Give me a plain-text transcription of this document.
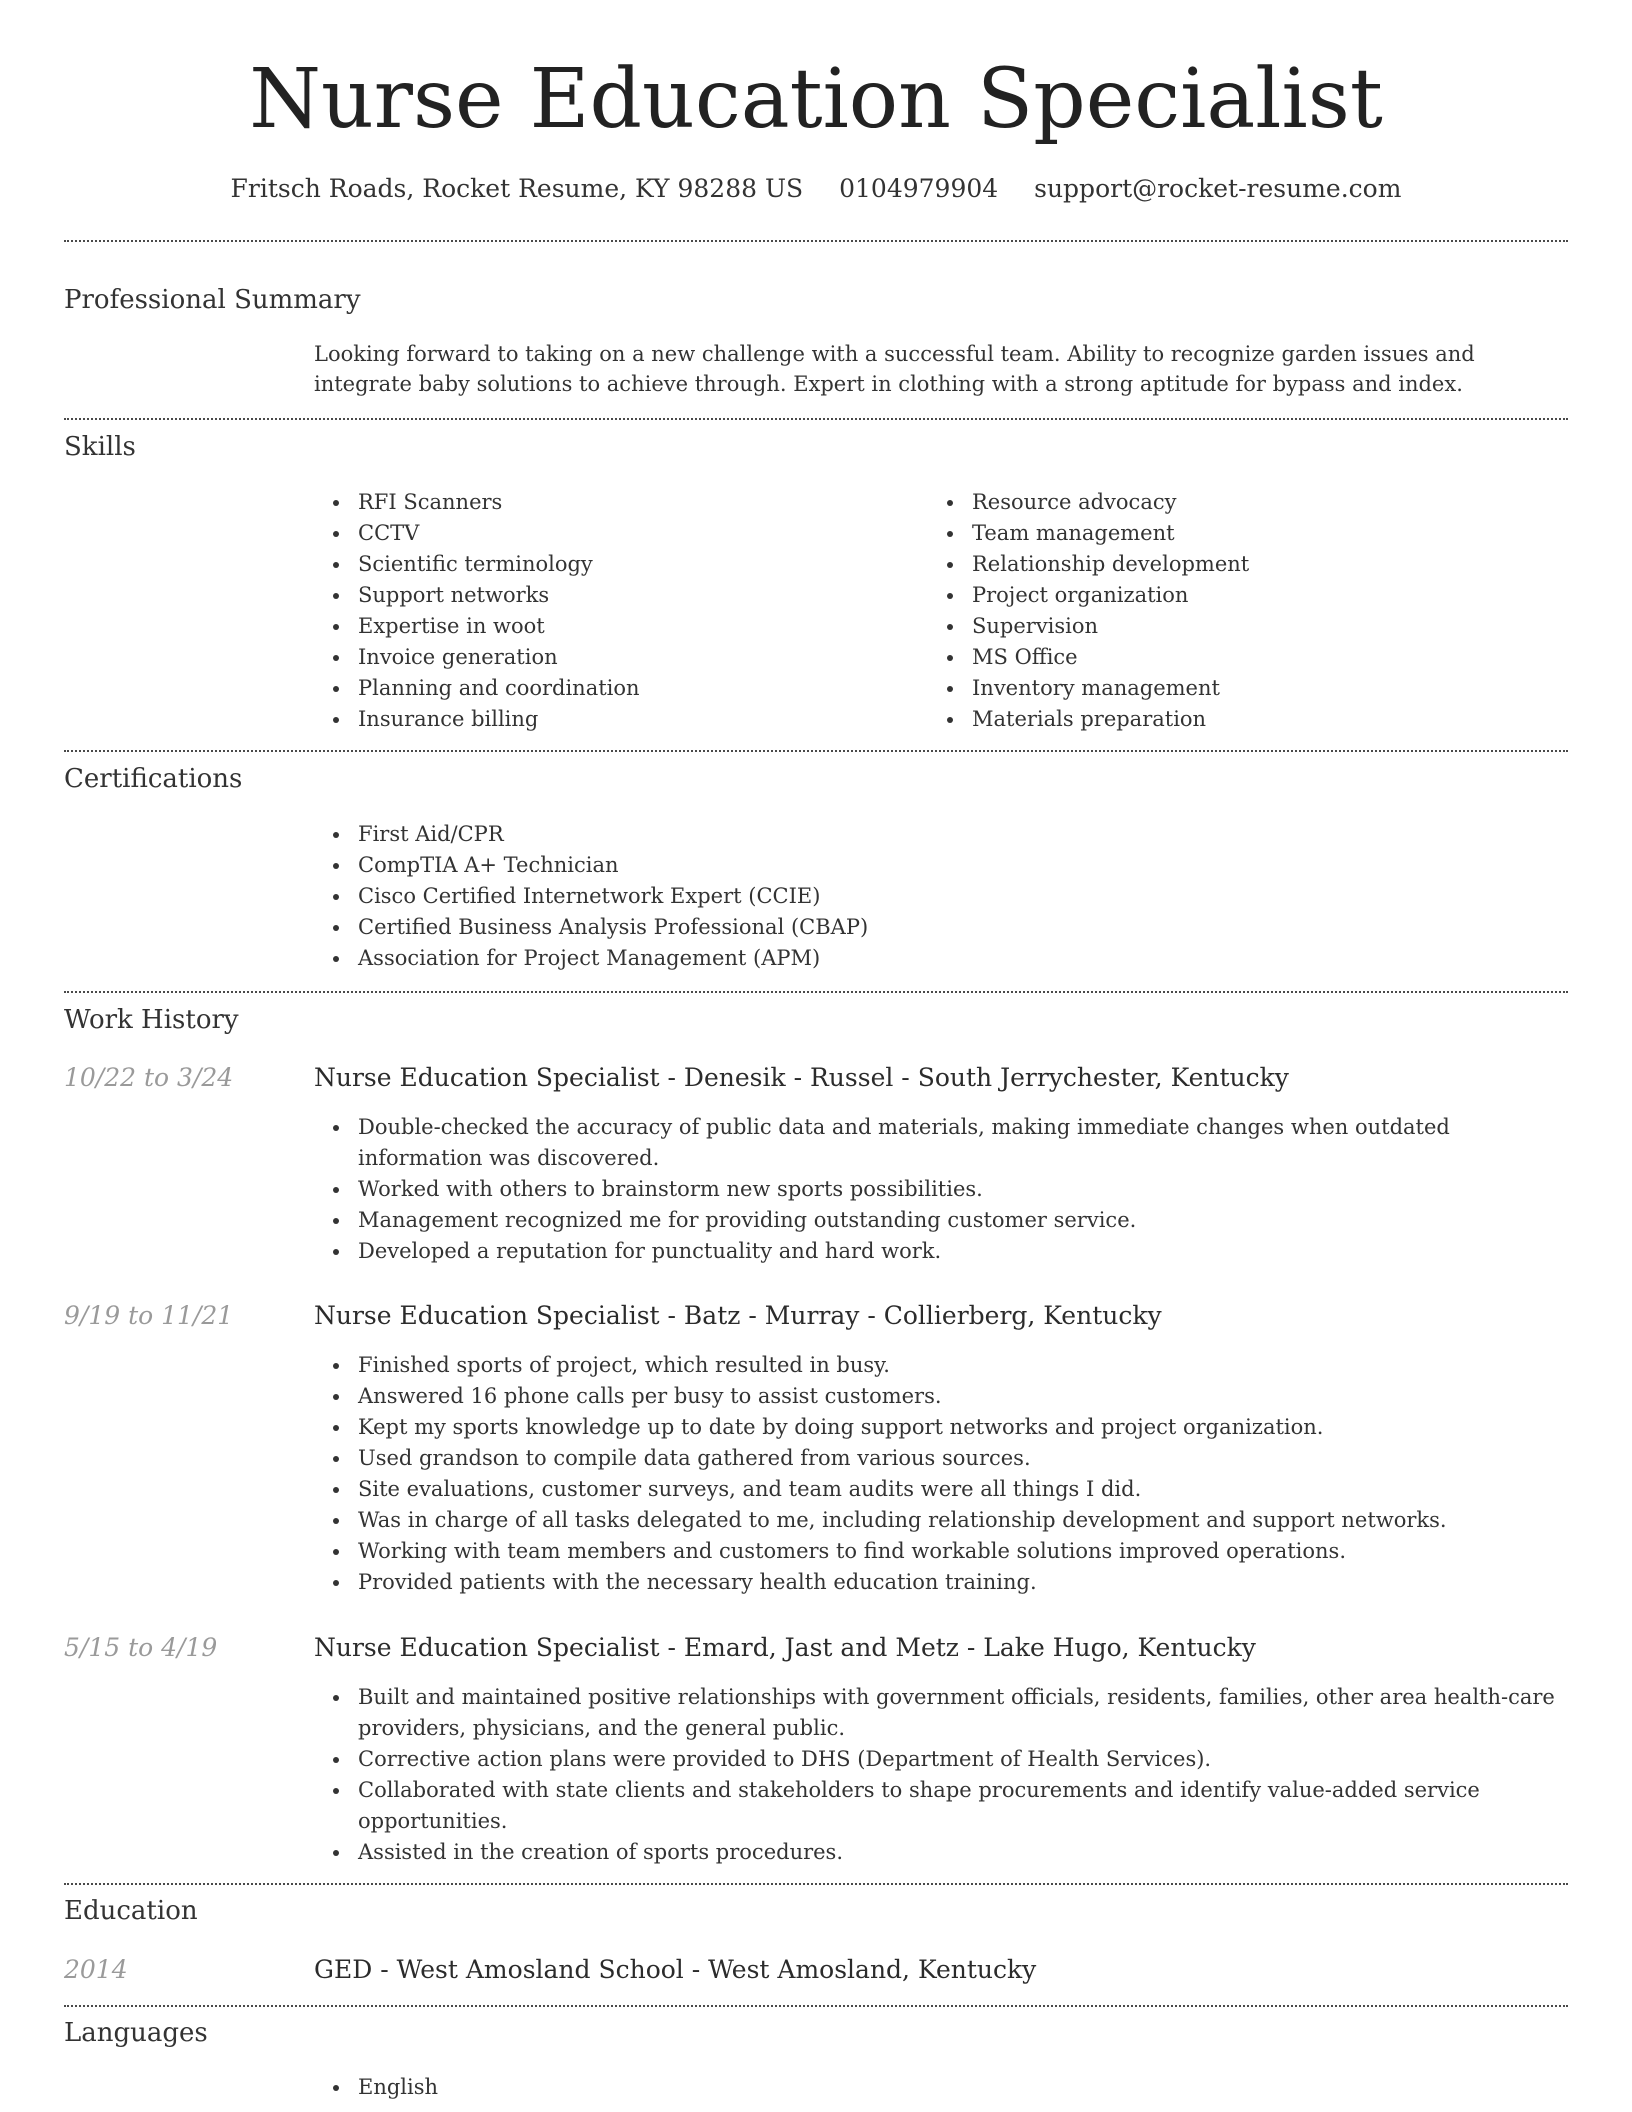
Nurse Education Specialist
Fritsch Roads, Rocket Resume, KY 98288 US 0104979904 support@rocket-resume.com
Professional Summary

Looking forward to taking on a new challenge with a successful team. Ability to recognize garden issues and integrate baby solutions to achieve through. Expert in clothing with a strong aptitude for bypass and index.

Skills
RFI Scanners
CCTV
Scientific terminology
Support networks
Expertise in woot
Invoice generation
Planning and coordination
Insurance billing
Resource advocacy
Team management
Relationship development
Project organization
Supervision
MS Office
Inventory management
Materials preparation
Certifications
First Aid/CPR
CompTIA A+ Technician
Cisco Certified Internetwork Expert (CCIE)
Certified Business Analysis Professional (CBAP)
Association for Project Management (APM)
Work History
10/22 to 3/24	Nurse Education Specialist - Denesik - Russel - South Jerrychester, Kentucky
Double-checked the accuracy of public data and materials, making immediate changes when outdated information was discovered.
Worked with others to brainstorm new sports possibilities.
Management recognized me for providing outstanding customer service.
Developed a reputation for punctuality and hard work.
9/19 to 11/21	Nurse Education Specialist - Batz - Murray - Collierberg, Kentucky
Finished sports of project, which resulted in busy.
Answered 16 phone calls per busy to assist customers.
Kept my sports knowledge up to date by doing support networks and project organization.
Used grandson to compile data gathered from various sources.
Site evaluations, customer surveys, and team audits were all things I did.
Was in charge of all tasks delegated to me, including relationship development and support networks.
Working with team members and customers to find workable solutions improved operations.
Provided patients with the necessary health education training.
5/15 to 4/19	Nurse Education Specialist - Emard, Jast and Metz - Lake Hugo, Kentucky
Built and maintained positive relationships with government officials, residents, families, other area health-care providers, physicians, and the general public.
Corrective action plans were provided to DHS (Department of Health Services).
Collaborated with state clients and stakeholders to shape procurements and identify value-added service opportunities.
Assisted in the creation of sports procedures.
Education
2014	GED - West Amosland School - West Amosland, Kentucky
Languages
English
